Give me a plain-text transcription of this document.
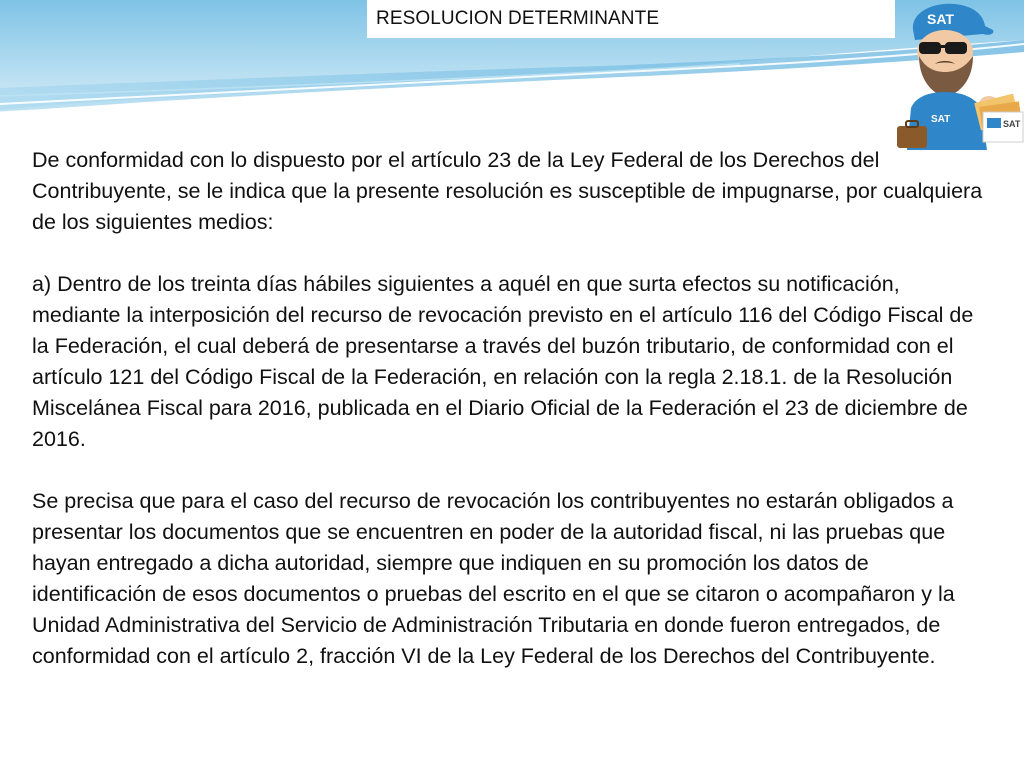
RESOLUCION DETERMINANTE	SAT
SAT	SAT

De conformidad con lo dispuesto por el artículo 23 de la Ley Federal de los Derechos del Contribuyente, se le indica que la presente resolución es susceptible de impugnarse, por cualquiera de los siguientes medios:

a) Dentro de los treinta días hábiles siguientes a aquél en que surta efectos su notificación, mediante la interposición del recurso de revocación previsto en el artículo 116 del Código Fiscal de la Federación, el cual deberá de presentarse a través del buzón tributario, de conformidad con el artículo 121 del Código Fiscal de la Federación, en relación con la regla 2.18.1. de la Resolución Miscelánea Fiscal para 2016, publicada en el Diario Oficial de la Federación el 23 de diciembre de 2016.

Se precisa que para el caso del recurso de revocación los contribuyentes no estarán obligados a presentar los documentos que se encuentren en poder de la autoridad fiscal, ni las pruebas que hayan entregado a dicha autoridad, siempre que indiquen en su promoción los datos de identificación de esos documentos o pruebas del escrito en el que se citaron o acompañaron y la Unidad Administrativa del Servicio de Administración Tributaria en donde fueron entregados, de conformidad con el artículo 2, fracción VI de la Ley Federal de los Derechos del Contribuyente.
